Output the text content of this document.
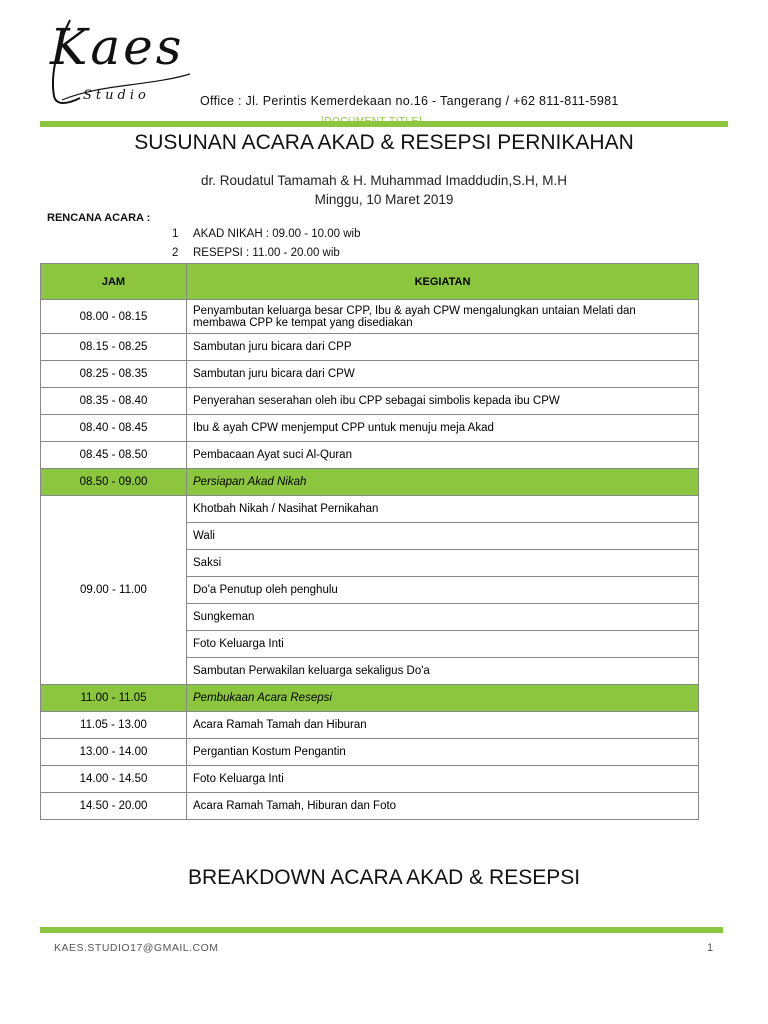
Kaes
Studio	Office : Jl. Perintis Kemerdekaan no.16 - Tangerang / +62 811-811-5981
SUSUNAN ACARA AKAD & RESEPSI PERNIKAHAN
dr. Roudatul Tamamah & H. Muhammad Imaddudin,S.H, M.H
Minggu, 10 Maret 2019
RENCANA ACARA :
1	AKAD NIKAH : 09.00 - 10.00 wib
2	RESEPSI : 11.00 - 20.00 wib
JAM	KEGIATAN
08.00 - 08.15	Penyambutan keluarga besar CPP, Ibu & ayah CPW mengalungkan untaian Melati dan membawa CPP ke tempat yang disediakan
08.15 - 08.25	Sambutan juru bicara dari CPP
08.25 - 08.35	Sambutan juru bicara dari CPW
08.35 - 08.40	Penyerahan seserahan oleh ibu CPP sebagai simbolis kepada ibu CPW
08.40 - 08.45	Ibu & ayah CPW menjemput CPP untuk menuju meja Akad
08.45 - 08.50	Pembacaan Ayat suci Al-Quran
08.50 - 09.00	Persiapan Akad Nikah
09.00 - 11.00	Khotbah Nikah / Nasihat Pernikahan
	Wali
	Saksi
	Do'a Penutup oleh penghulu
	Sungkeman
	Foto Keluarga Inti
	Sambutan Perwakilan keluarga sekaligus Do'a
11.00 - 11.05	Pembukaan Acara Resepsi
11.05 - 13.00	Acara Ramah Tamah dan Hiburan
13.00 - 14.00	Pergantian Kostum Pengantin
14.00 - 14.50	Foto Keluarga Inti
14.50 - 20.00	Acara Ramah Tamah, Hiburan dan Foto
BREAKDOWN ACARA AKAD & RESEPSI
KAES.STUDIO17@GMAIL.COM	1
